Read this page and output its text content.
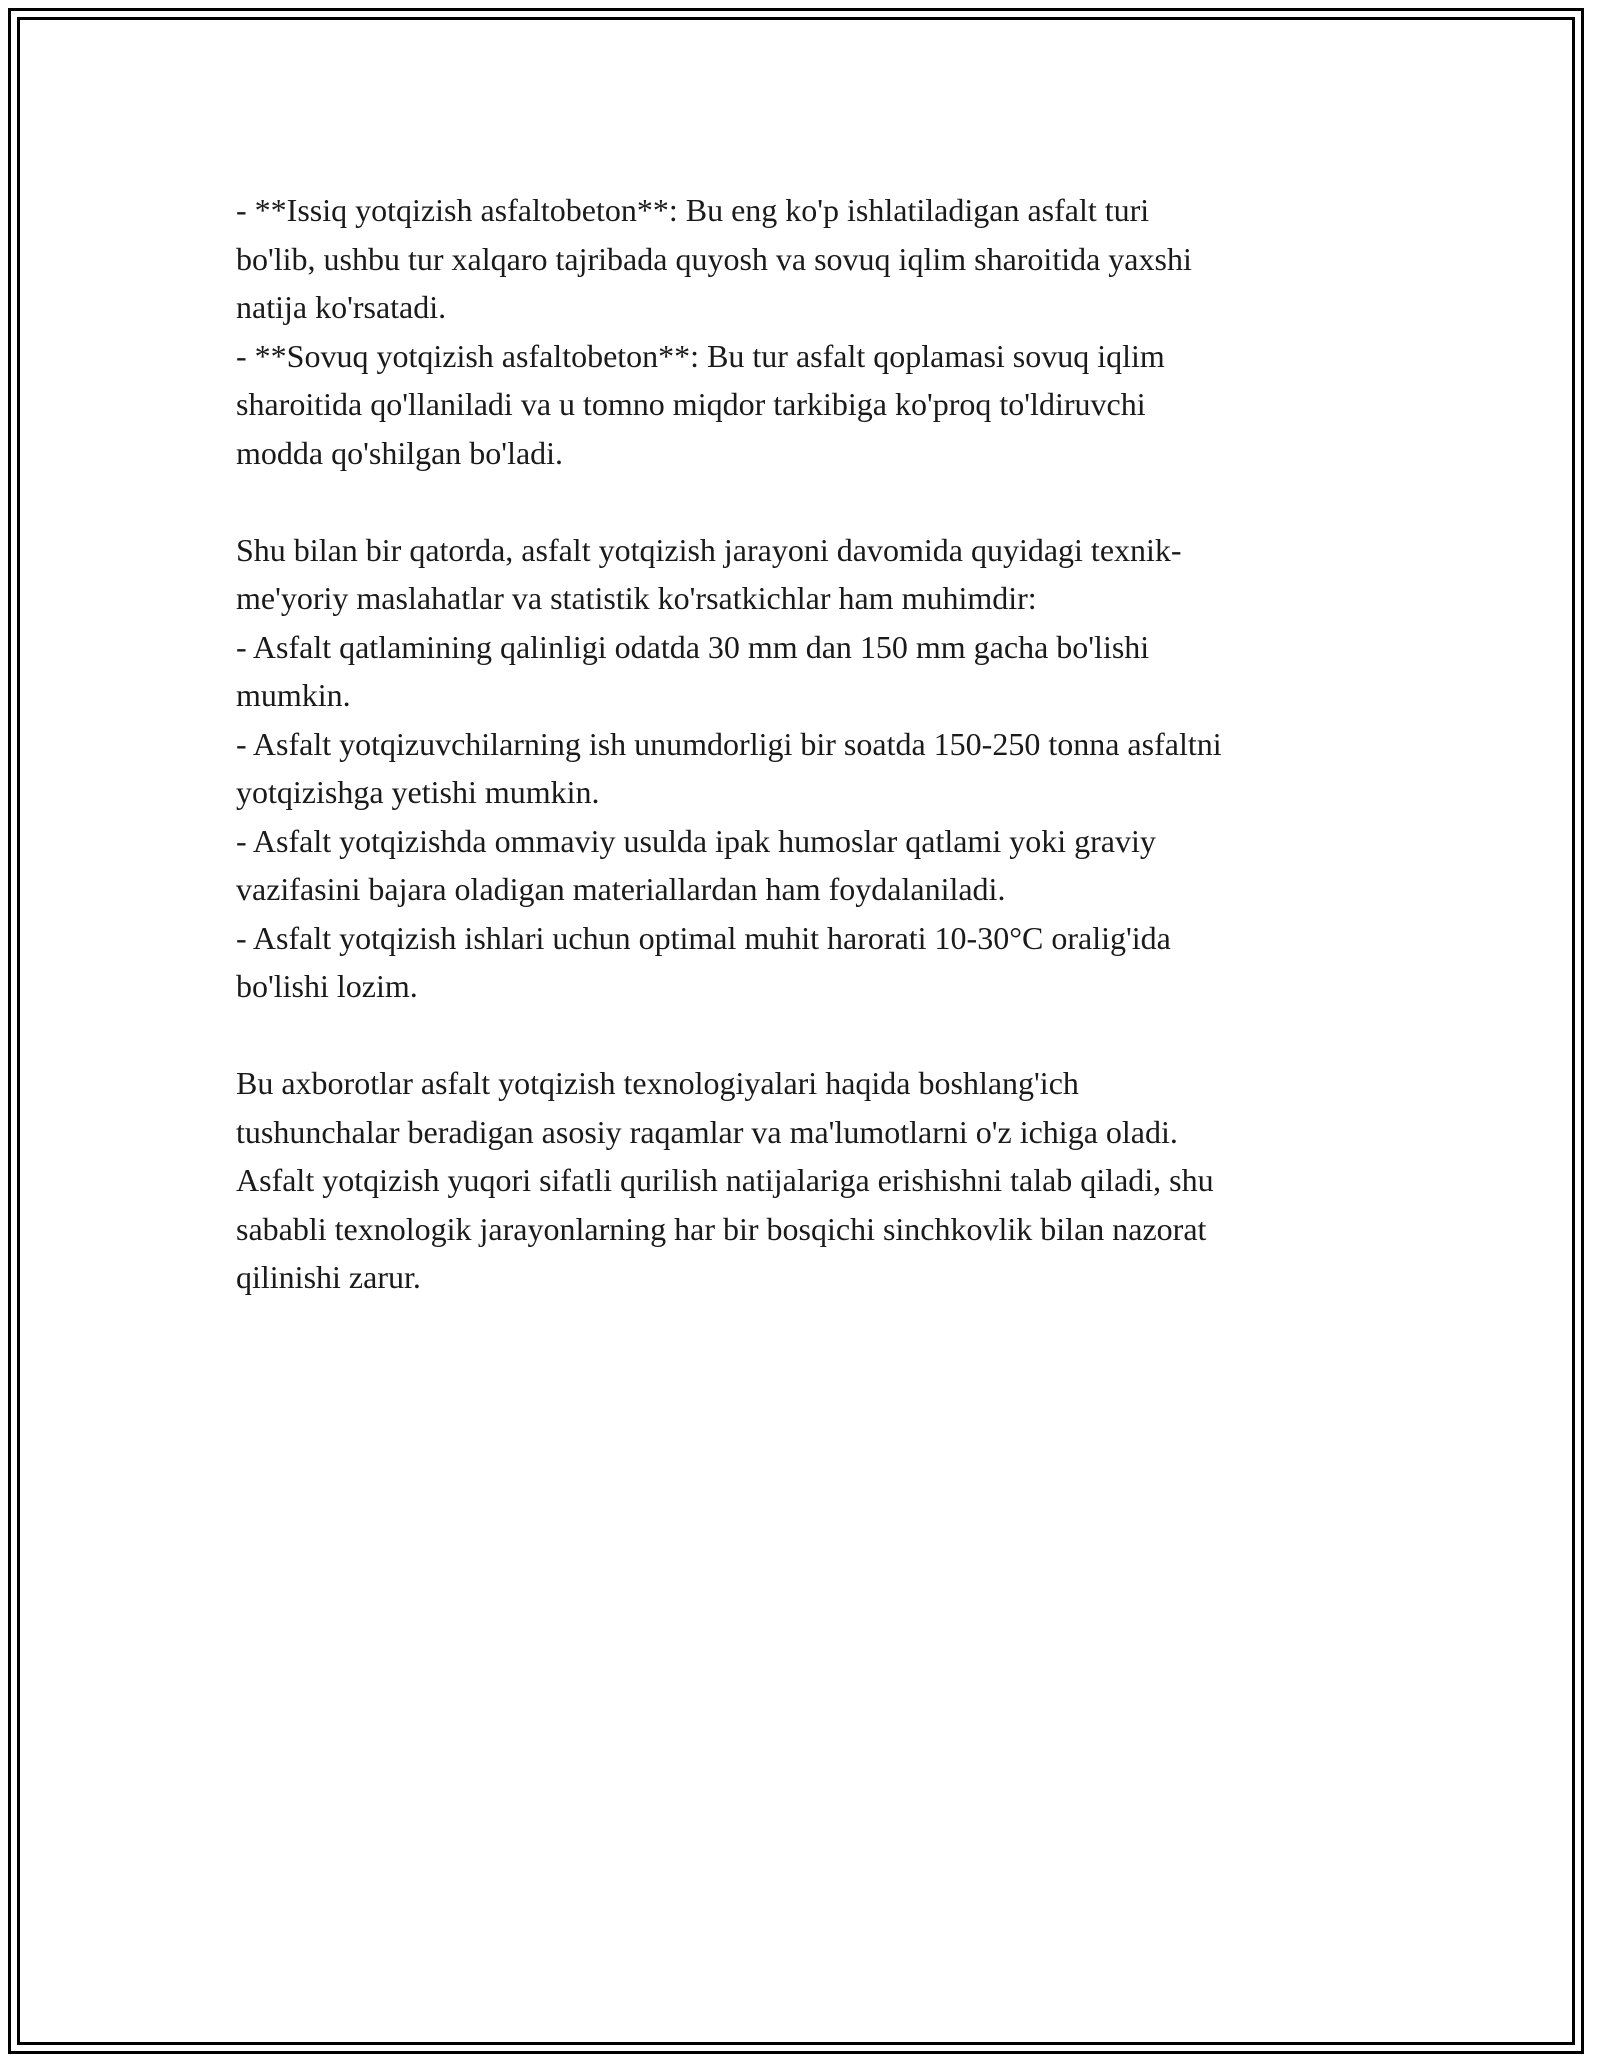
- **Issiq yotqizish asfaltobeton**: Bu eng ko'p ishlatiladigan asfalt turi
bo'lib, ushbu tur xalqaro tajribada quyosh va sovuq iqlim sharoitida yaxshi
natija ko'rsatadi.
- **Sovuq yotqizish asfaltobeton**: Bu tur asfalt qoplamasi sovuq iqlim
sharoitida qo'llaniladi va u tomno miqdor tarkibiga ko'proq to'ldiruvchi
modda qo'shilgan bo'ladi.
Shu bilan bir qatorda, asfalt yotqizish jarayoni davomida quyidagi texnik-
me'yoriy maslahatlar va statistik ko'rsatkichlar ham muhimdir:
- Asfalt qatlamining qalinligi odatda 30 mm dan 150 mm gacha bo'lishi
mumkin.
- Asfalt yotqizuvchilarning ish unumdorligi bir soatda 150-250 tonna asfaltni
yotqizishga yetishi mumkin.
- Asfalt yotqizishda ommaviy usulda ipak humoslar qatlami yoki graviy
vazifasini bajara oladigan materiallardan ham foydalaniladi.
- Asfalt yotqizish ishlari uchun optimal muhit harorati 10-30°C oralig'ida
bo'lishi lozim.
Bu axborotlar asfalt yotqizish texnologiyalari haqida boshlang'ich
tushunchalar beradigan asosiy raqamlar va ma'lumotlarni o'z ichiga oladi.
Asfalt yotqizish yuqori sifatli qurilish natijalariga erishishni talab qiladi, shu
sababli texnologik jarayonlarning har bir bosqichi sinchkovlik bilan nazorat
qilinishi zarur.
